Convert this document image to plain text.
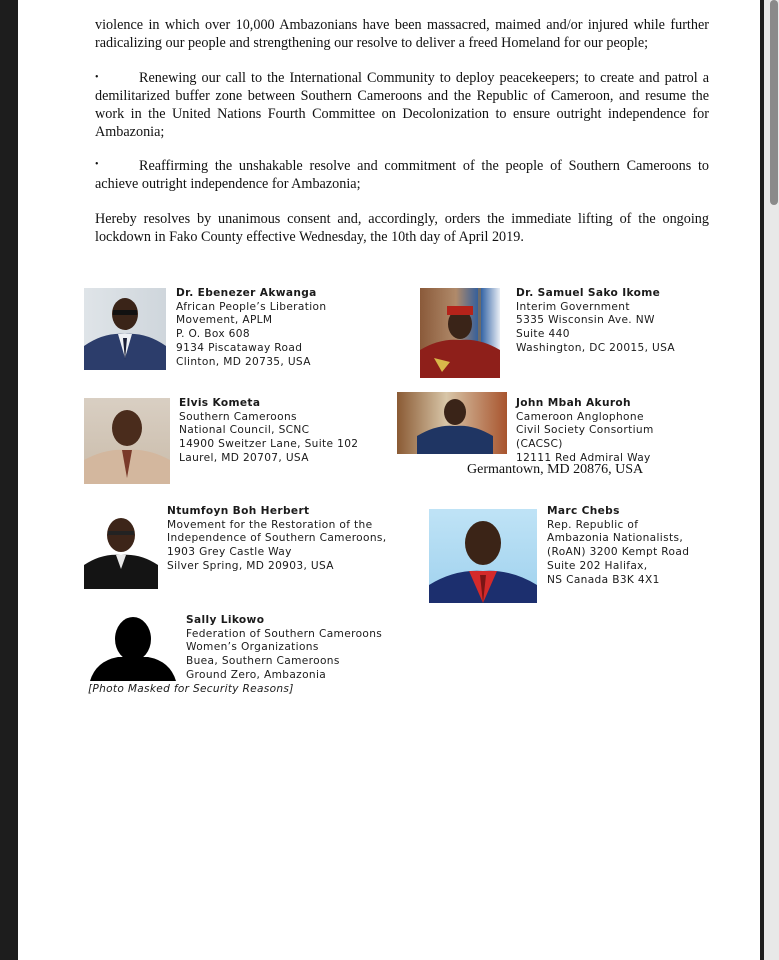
violence in which over 10,000 Ambazonians have been massacred, maimed and/or injured while further radicalizing our people and strengthening our resolve to deliver a freed Homeland for our people;

•	Renewing our call to the International Community to deploy peacekeepers; to create and patrol a demilitarized buffer zone between Southern Cameroons and the Republic of Cameroon, and resume the work in the United Nations Fourth Committee on Decolonization to ensure outright independence for Ambazonia;

•	Reaffirming the unshakable resolve and commitment of the people of Southern Cameroons to achieve outright independence for Ambazonia;

Hereby resolves by unanimous consent and, accordingly, orders the immediate lifting of the ongoing lockdown in Fako County effective Wednesday, the 10th day of April 2019.

Dr. Ebenezer Akwanga
African People’s Liberation
Movement, APLM
P. O. Box 608
9134 Piscataway Road
Clinton, MD 20735, USA
Dr. Samuel Sako Ikome
Interim Government
5335 Wisconsin Ave. NW
Suite 440
Washington, DC 20015, USA
Elvis Kometa
Southern Cameroons
National Council, SCNC
14900 Sweitzer Lane, Suite 102
Laurel, MD 20707, USA
John Mbah Akuroh
Cameroon Anglophone
Civil Society Consortium
(CACSC)
12111 Red Admiral Way
Germantown, MD 20876, USA
Ntumfoyn Boh Herbert
Movement for the Restoration of the
Independence of Southern Cameroons,
1903 Grey Castle Way
Silver Spring, MD 20903, USA
Marc Chebs
Rep. Republic of
Ambazonia Nationalists,
(RoAN) 3200 Kempt Road
Suite 202 Halifax,
NS Canada B3K 4X1
Sally Likowo
Federation of Southern Cameroons
Women’s Organizations
Buea, Southern Cameroons
Ground Zero, Ambazonia
[Photo Masked for Security Reasons]
